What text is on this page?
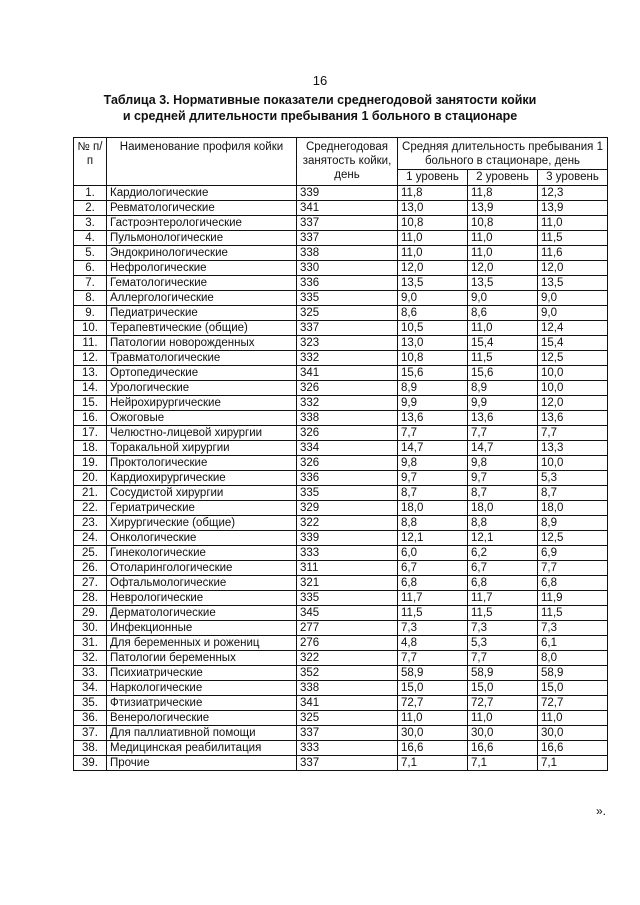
16
Таблица 3. Нормативные показатели среднегодовой занятости койки
и средней длительности пребывания 1 больного в стационаре
№ п/п	Наименование профиля койки	Среднегодовая занятость койки, день	Средняя длительность пребывания 1 больного в стационаре, день		
			1 уровень	2 уровень	3 уровень
1.	Кардиологические	339	11,8	11,8	12,3
2.	Ревматологические	341	13,0	13,9	13,9
3.	Гастроэнтерологические	337	10,8	10,8	11,0
4.	Пульмонологические	337	11,0	11,0	11,5
5.	Эндокринологические	338	11,0	11,0	11,6
6.	Нефрологические	330	12,0	12,0	12,0
7.	Гематологические	336	13,5	13,5	13,5
8.	Аллергологические	335	9,0	9,0	9,0
9.	Педиатрические	325	8,6	8,6	9,0
10.	Терапевтические (общие)	337	10,5	11,0	12,4
11.	Патологии новорожденных	323	13,0	15,4	15,4
12.	Травматологические	332	10,8	11,5	12,5
13.	Ортопедические	341	15,6	15,6	10,0
14.	Урологические	326	8,9	8,9	10,0
15.	Нейрохирургические	332	9,9	9,9	12,0
16.	Ожоговые	338	13,6	13,6	13,6
17.	Челюстно-лицевой хирургии	326	7,7	7,7	7,7
18.	Торакальной хирургии	334	14,7	14,7	13,3
19.	Проктологические	326	9,8	9,8	10,0
20.	Кардиохирургические	336	9,7	9,7	5,3
21.	Сосудистой хирургии	335	8,7	8,7	8,7
22.	Гериатрические	329	18,0	18,0	18,0
23.	Хирургические (общие)	322	8,8	8,8	8,9
24.	Онкологические	339	12,1	12,1	12,5
25.	Гинекологические	333	6,0	6,2	6,9
26.	Отоларингологические	311	6,7	6,7	7,7
27.	Офтальмологические	321	6,8	6,8	6,8
28.	Неврологические	335	11,7	11,7	11,9
29.	Дерматологические	345	11,5	11,5	11,5
30.	Инфекционные	277	7,3	7,3	7,3
31.	Для беременных и рожениц	276	4,8	5,3	6,1
32.	Патологии беременных	322	7,7	7,7	8,0
33.	Психиатрические	352	58,9	58,9	58,9
34.	Наркологические	338	15,0	15,0	15,0
35.	Фтизиатрические	341	72,7	72,7	72,7
36.	Венерологические	325	11,0	11,0	11,0
37.	Для паллиативной помощи	337	30,0	30,0	30,0
38.	Медицинская реабилитация	333	16,6	16,6	16,6
39.	Прочие	337	7,1	7,1	7,1
».
